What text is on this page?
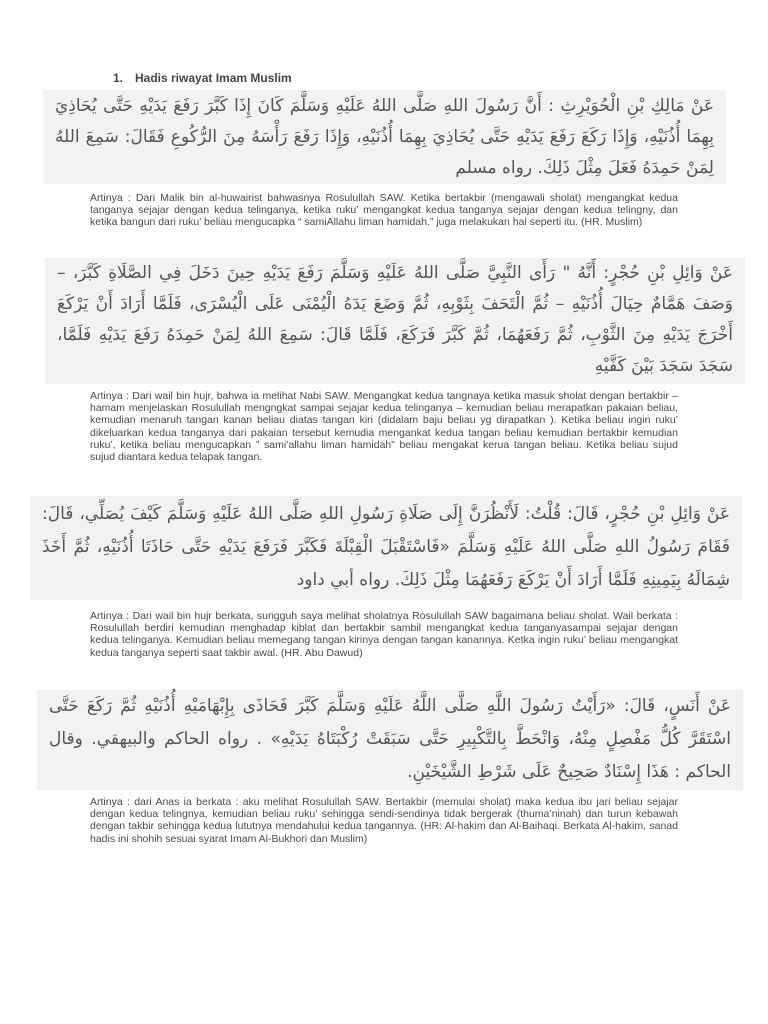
1. Hadis riwayat Imam Muslim

عَنْ مَالِكِ بْنِ الْحُوَيْرِثِ : أَنَّ رَسُولَ اللهِ صَلَّى اللهُ عَلَيْهِ وَسَلَّمَ كَانَ إِذَا كَبَّرَ رَفَعَ يَدَيْهِ حَتَّى يُحَاذِيَ بِهِمَا أُذُنَيْهِ، وَإِذَا رَكَعَ رَفَعَ يَدَيْهِ حَتَّى يُحَاذِيَ بِهِمَا أُذُنَيْهِ، وَإِذَا رَفَعَ رَأْسَهُ مِنَ الرُّكُوعِ فَقَالَ: سَمِعَ اللهُ لِمَنْ حَمِدَهُ فَعَلَ مِثْلَ ذَلِكَ. رواه مسلم

Artinya : Dari Malik bin al-huwairist bahwasnya Rosulullah SAW. Ketika bertakbir (mengawali sholat) mengangkat kedua tanganya sejajar dengan kedua telinganya, ketika ruku’ mengangkat kedua tanganya sejajar dengan kedua telingny, dan ketika bangun dari ruku’ beliau mengucapka “ samiAllahu liman hamidah.” juga melakukan hal seperti itu. (HR. Muslim)

عَنْ وَائِلِ بْنِ حُجْرٍ: أَنَّهُ " رَأَى النَّبِيَّ صَلَّى اللهُ عَلَيْهِ وَسَلَّمَ رَفَعَ يَدَيْهِ حِينَ دَخَلَ فِي الصَّلَاةِ كَبَّرَ، – وَصَفَ هَمَّامٌ حِيَالَ أُذُنَيْهِ – ثُمَّ الْتَحَفَ بِثَوْبِهِ، ثُمَّ وَضَعَ يَدَهُ الْيُمْنَى عَلَى الْيُسْرَى، فَلَمَّا أَرَادَ أَنْ يَرْكَعَ أَخْرَجَ يَدَيْهِ مِنَ الثَّوْبِ، ثُمَّ رَفَعَهُمَا، ثُمَّ كَبَّرَ فَرَكَعَ، فَلَمَّا قَالَ: سَمِعَ اللهُ لِمَنْ حَمِدَهُ رَفَعَ يَدَيْهِ فَلَمَّا، سَجَدَ سَجَدَ بَيْنَ كَفَّيْهِ

Artinya : Dari wail bin hujr, bahwa ia melihat Nabi SAW. Mengangkat kedua tangnaya ketika masuk sholat dengan bertakbir – hamam menjelaskan Rosulullah mengngkat sampai sejajar kedua telinganya – kemudian beliau merapatkan pakaian beliau, kemudian menaruh tangan kanan beliau diatas tangan kiri (didalam baju beliau yg dirapatkan ). Ketika beliau ingin ruku’ dikeluarkan kedua tanganya dari pakaian tersebut kemudia mengankat kedua tangan beliau kemudian bertakbir kemudian ruku’, ketika beliau mengucapkan ” sami’allahu liman hamidah” beliau mengakat kerua tangan beliau. Ketika beliau sujud sujud diantara kedua telapak tangan.

عَنْ وَائِلِ بْنِ حُجْرٍ، قَالَ: قُلْتُ: لَأَنْظُرَنَّ إِلَى صَلَاةِ رَسُولِ اللهِ صَلَّى اللهُ عَلَيْهِ وَسَلَّمَ كَيْفَ يُصَلِّي، قَالَ: فَقَامَ رَسُولُ اللهِ صَلَّى اللهُ عَلَيْهِ وَسَلَّمَ «فَاسْتَقْبَلَ الْقِبْلَةَ فَكَبَّرَ فَرَفَعَ يَدَيْهِ حَتَّى حَاذَتَا أُذُنَيْهِ، ثُمَّ أَخَذَ شِمَالَهُ بِيَمِينِهِ فَلَمَّا أَرَادَ أَنْ يَرْكَعَ رَفَعَهُمَا مِثْلَ ذَلِكَ. رواه أبي داود

Artinya : Dari wail bin hujr berkata, sungguh saya melihat sholatnya Rosulullah SAW bagaimana beliau sholat. Wail berkata : Rosulullah berdiri kemudian menghadap kiblat dan bertakbir sambil mengangkat kedua tanganyasampai sejajar dengan kedua telinganya. Kemudian beliau memegang tangan kirinya dengan tangan kanannya. Ketka ingin ruku’ beliau mengangkat kedua tanganya seperti saat takbir awal. (HR. Abu Dawud)

عَنْ أَنَسٍ، قَالَ: «رَأَيْتُ رَسُولَ اللَّهِ صَلَّى اللَّهُ عَلَيْهِ وَسَلَّمَ كَبَّرَ فَحَاذَى بِإِبْهَامَيْهِ أُذُنَيْهِ ثُمَّ رَكَعَ حَتَّى اسْتَقَرَّ كُلُّ مَفْصِلٍ مِنْهُ، وَانْحَطَّ بِالتَّكْبِيرِ حَتَّى سَبَقَتْ رُكْبَتَاهُ يَدَيْهِ» . رواه الحاكم والبيهقي. وقال الحاكم : هَذَا إِسْنَادٌ صَحِيحٌ عَلَى شَرْطِ الشَّيْخَيْنِ.

Artinya : dari Anas ia berkata : aku melihat Rosulullah SAW. Bertakbir (memulai sholat) maka kedua ibu jari beliau sejajar dengan kedua telingnya, kemudian beliau ruku’ sehingga sendi-sendinya tidak bergerak (thuma’ninah) dan turun kebawah dengan takbir sehingga kedua lututnya mendahului kedua tangannya. (HR: Al-hakim dan Al-Baihaqi. Berkata Al-hakim, sanad hadis ini shohih sesuai syarat Imam Al-Bukhori dan Muslim)
